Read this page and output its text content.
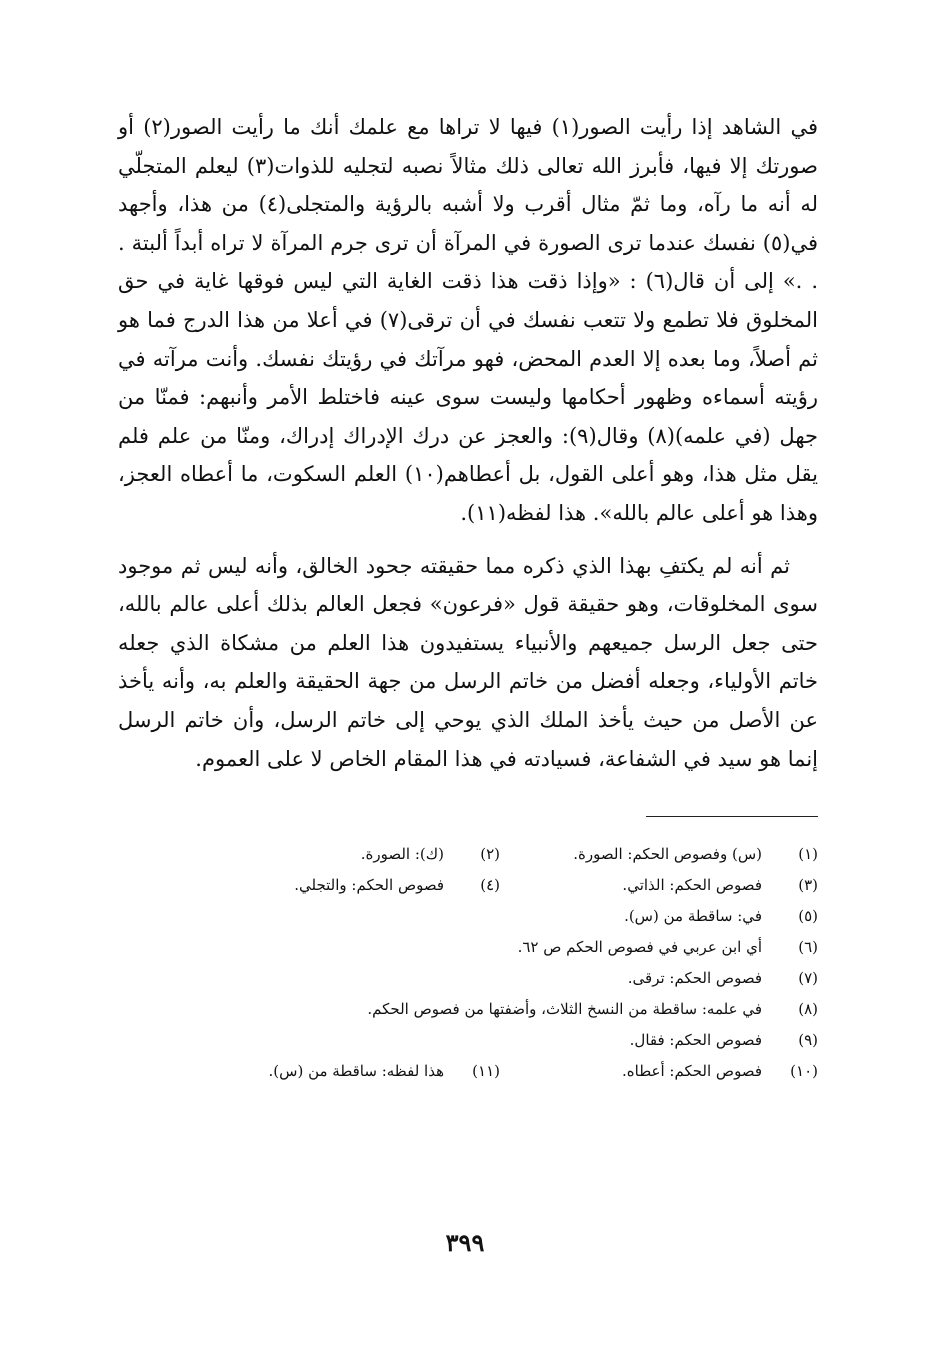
في الشاهد إذا رأيت الصور(١) فيها لا تراها مع علمك أنك ما رأيت الصور(٢) أو صورتك إلا فيها، فأبرز الله تعالى ذلك مثالاً نصبه لتجليه للذوات(٣) ليعلم المتجلّي له أنه ما رآه، وما ثمّ مثال أقرب ولا أشبه بالرؤية والمتجلى(٤) من هذا، وأجهد في(٥) نفسك عندما ترى الصورة في المرآة أن ترى جرم المرآة لا تراه أبداً ألبتة . . .» إلى أن قال(٦) : «وإذا ذقت هذا ذقت الغاية التي ليس فوقها غاية في حق المخلوق فلا تطمع ولا تتعب نفسك في أن ترقى(٧) في أعلا من هذا الدرج فما هو ثم أصلاً، وما بعده إلا العدم المحض، فهو مرآتك في رؤيتك نفسك. وأنت مرآته في رؤيته أسماءه وظهور أحكامها وليست سوى عينه فاختلط الأمر وأنبهم: فمنّا من جهل (في علمه)(٨) وقال(٩): والعجز عن درك الإدراك إدراك، ومنّا من علم فلم يقل مثل هذا، وهو أعلى القول، بل أعطاهم(١٠) العلم السكوت، ما أعطاه العجز، وهذا هو أعلى عالم بالله». هذا لفظه(١١).

ثم أنه لم يكتفِ بهذا الذي ذكره مما حقيقته جحود الخالق، وأنه ليس ثم موجود سوى المخلوقات، وهو حقيقة قول «فرعون» فجعل العالم بذلك أعلى عالم بالله، حتى جعل الرسل جميعهم والأنبياء يستفيدون هذا العلم من مشكاة الذي جعله خاتم الأولياء، وجعله أفضل من خاتم الرسل من جهة الحقيقة والعلم به، وأنه يأخذ عن الأصل من حيث يأخذ الملك الذي يوحي إلى خاتم الرسل، وأن خاتم الرسل إنما هو سيد في الشفاعة، فسيادته في هذا المقام الخاص لا على العموم.

(١)
(س) وفصوص الحكم: الصورة.
(٢)
(ك): الصورة.
(٣)
فصوص الحكم: الذاتي.
(٤)
فصوص الحكم: والتجلي.
(٥)
في: ساقطة من (س).
(٦)
أي ابن عربي في فصوص الحكم ص ٦٢.
(٧)
فصوص الحكم: ترقى.
(٨)
في علمه: ساقطة من النسخ الثلاث، وأضفتها من فصوص الحكم.
(٩)
فصوص الحكم: فقال.
(١٠)
فصوص الحكم: أعطاه.
(١١)
هذا لفظه: ساقطة من (س).
٣٩٩
